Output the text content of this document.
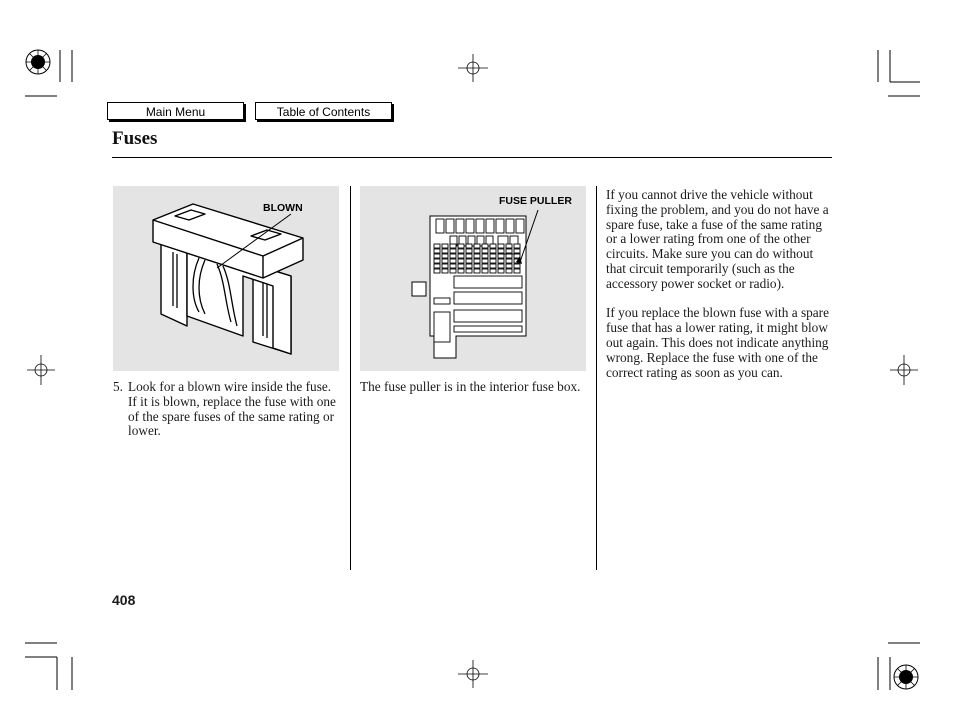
Main Menu	Table of Contents
Fuses
BLOWN
FUSE PULLER
5. Look for a blown wire inside the fuse. If it is blown, replace the fuse with one of the spare fuses of the same rating or lower.
The fuse puller is in the interior fuse box.

If you cannot drive the vehicle without fixing the problem, and you do not have a spare fuse, take a fuse of the same rating or a lower rating from one of the other circuits. Make sure you can do without that circuit temporarily (such as the accessory power socket or radio).

If you replace the blown fuse with a spare fuse that has a lower rating, it might blow out again. This does not indicate anything wrong. Replace the fuse with one of the correct rating as soon as you can.

408
